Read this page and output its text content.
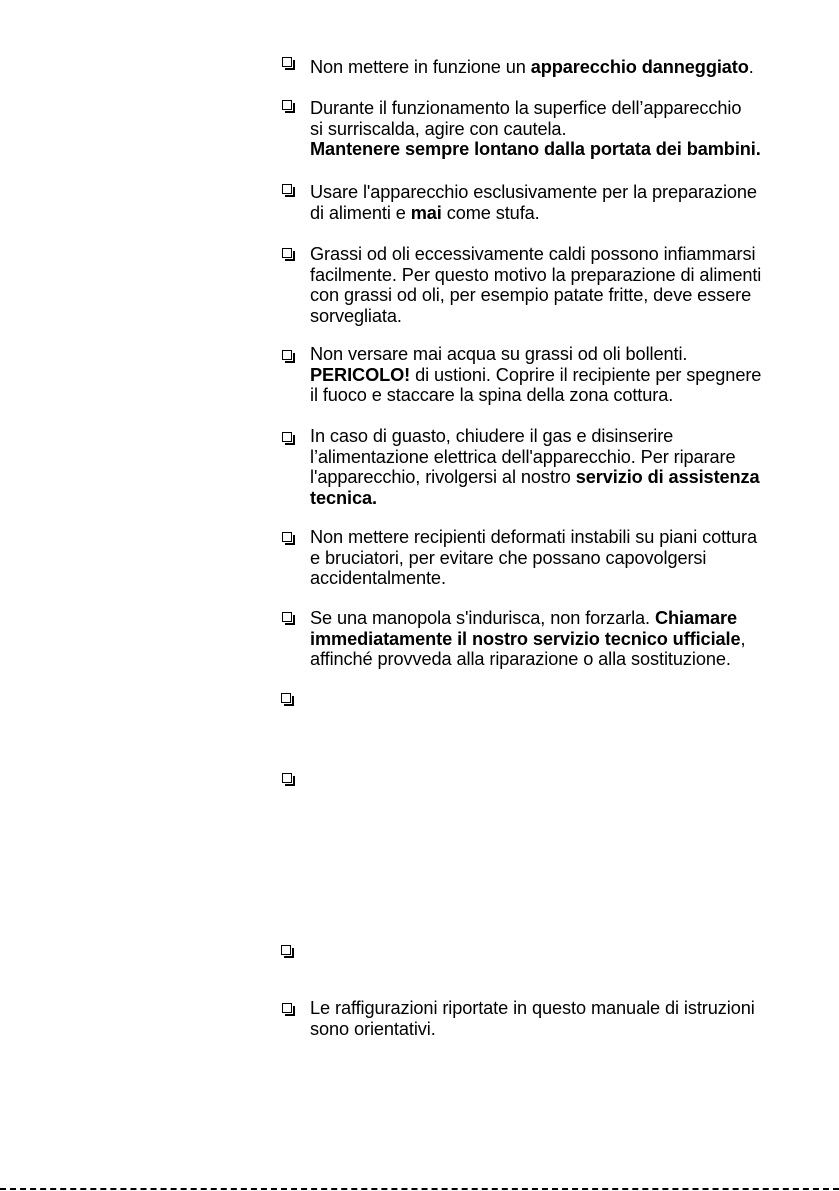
Non mettere in funzione un apparecchio danneggiato.
Durante il funzionamento la superfice dell’apparecchio
si surriscalda, agire con cautela.
Mantenere sempre lontano dalla portata dei bambini.
Usare l'apparecchio esclusivamente per la preparazione
di alimenti e mai come stufa.
Grassi od oli eccessivamente caldi possono infiammarsi
facilmente. Per questo motivo la preparazione di alimenti
con grassi od oli, per esempio patate fritte, deve essere
sorvegliata.
Non versare mai acqua su grassi od oli bollenti.
PERICOLO! di ustioni. Coprire il recipiente per spegnere
il fuoco e staccare la spina della zona cottura.
In caso di guasto, chiudere il gas e disinserire
l’alimentazione elettrica dell'apparecchio. Per riparare
l'apparecchio, rivolgersi al nostro servizio di assistenza
tecnica.
Non mettere recipienti deformati instabili su piani cottura
e bruciatori, per evitare che possano capovolgersi
accidentalmente.
Se una manopola s'indurisca, non forzarla. Chiamare
immediatamente il nostro servizio tecnico ufficiale,
affinché provveda alla riparazione o alla sostituzione.
Le raffigurazioni riportate in questo manuale di istruzioni
sono orientativi.
